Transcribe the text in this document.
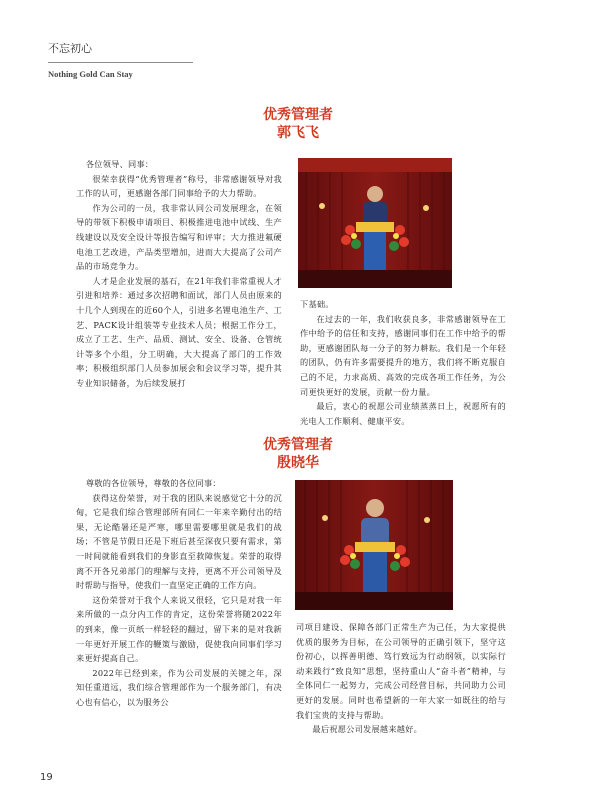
不忘初心
Nothing Gold Can Stay
优秀管理者
郭飞飞

各位领导、同事：

很荣幸获得“优秀管理者”称号，非常感谢领导对我工作的认可，更感谢各部门同事给予的大力帮助。

作为公司的一员，我非常认同公司发展理念，在领导的带领下积极申请项目、积极推进电池中试线、生产线建设以及安全设计等报告编写和评审；大力推进氟硬电池工艺改进，产品类型增加，进而大大提高了公司产品的市场竞争力。

人才是企业发展的基石，在21年我们非常重视人才引进和培养：通过多次招聘和面试，部门人员由原来的十几个人到现在的近60个人，引进多名锂电池生产、工艺、PACK设计组装等专业技术人员；根据工作分工，成立了工艺、生产、品质、测试、安全、设备、仓管统计等多个小组，分工明确，大大提高了部门的工作效率；积极组织部门人员参加展会和会议学习等，提升其专业知识储备，为后续发展打

下基础。

在过去的一年，我们收获良多，非常感谢领导在工作中给予的信任和支持，感谢同事们在工作中给予的帮助，更感谢团队每一分子的努力耕耘。我们是一个年轻的团队，仍有许多需要提升的地方，我们将不断克服自己的不足，力求高质、高效的完成各项工作任务，为公司更快更好的发展，贡献一份力量。

最后，衷心的祝愿公司业绩蒸蒸日上，祝愿所有的光电人工作顺利、健康平安。

优秀管理者
殷晓华

尊敬的各位领导，尊敬的各位同事：

获得这份荣誉，对于我的团队来说感觉它十分的沉甸，它是我们综合管理部所有同仁一年来辛勤付出的结果，无论酷暑还是严寒，哪里需要哪里就是我们的战场；不管是节假日还是下班后甚至深夜只要有需求，第一时间就能看到我们的身影直至救障恢复。荣誉的取得离不开各兄弟部门的理解与支持，更离不开公司领导及时帮助与指导，使我们一直坚定正确的工作方向。

这份荣誉对于我个人来说又很轻，它只是对我一年来所做的一点分内工作的肯定，这份荣誉将随2022年的到来，像一页纸一样轻轻的翻过，留下来的是对我新一年更好开展工作的鞭策与激励，促使我向同事们学习来更好提高自己。

2022年已经到来，作为公司发展的关键之年，深知任重道远，我们综合管理部作为一个服务部门，有决心也有信心，以为服务公

司项目建设、保障各部门正常生产为己任，为大家提供优质的服务为目标，在公司领导的正确引领下，坚守这份初心，以挥善明德、笃行致远为行动纲领，以实际行动来践行“致良知”思想，坚持重山人“奋斗者”精神，与全体同仁一起努力，完成公司经营目标，共同助力公司更好的发展。同时也希望新的一年大家一如既往的给与我们宝贵的支持与帮助。

最后祝愿公司发展越来越好。

19
